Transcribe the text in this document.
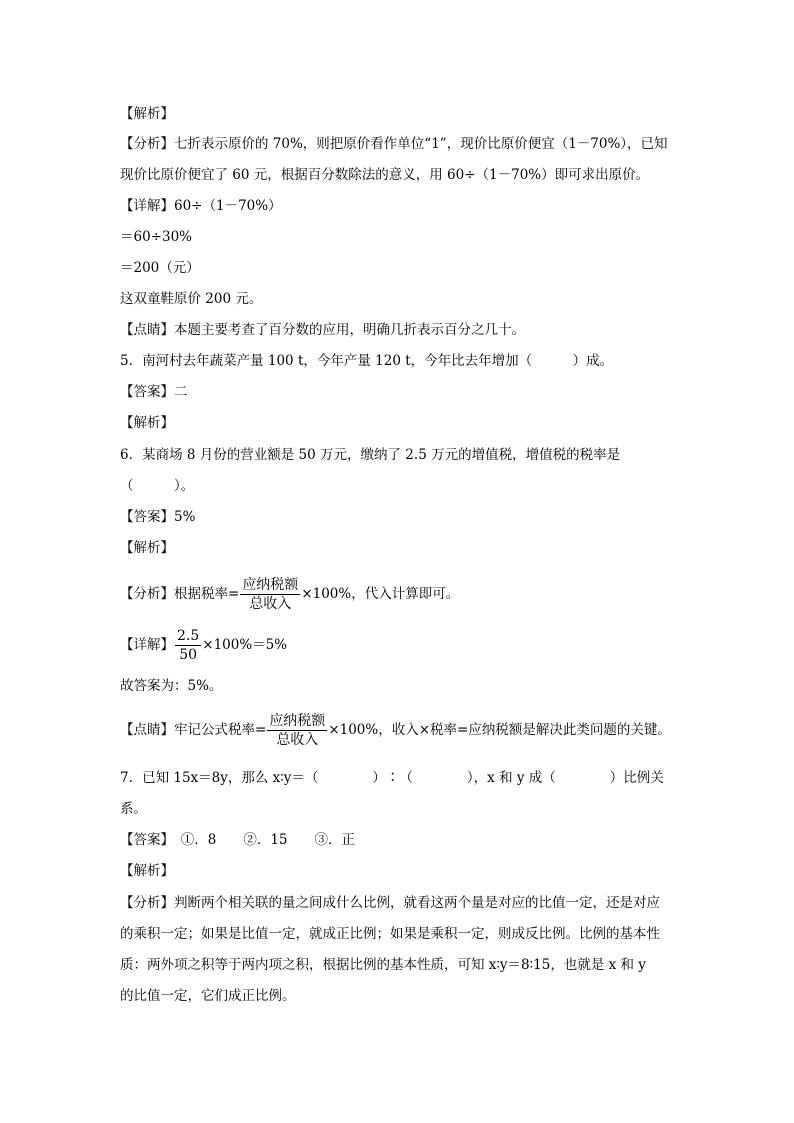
【解析】
【分析】七折表示原价的 70%，则把原价看作单位“1”，现价比原价便宜（1－70%），已知
现价比原价便宜了 60 元，根据百分数除法的意义，用 60÷（1－70%）即可求出原价。
【详解】60÷（1－70%）
＝60÷30%
＝200（元）
这双童鞋原价 200 元。
【点睛】本题主要考查了百分数的应用，明确几折表示百分之几十。
5．南河村去年蔬菜产量 100 t，今年产量 120 t，今年比去年增加（　　　）成。
【答案】二
【解析】
6．某商场 8 月份的营业额是 50 万元，缴纳了 2.5 万元的增值税，增值税的税率是
（　　　）。
【答案】5%
【解析】
【分析】根据税率= $\frac{\text{应纳税额}}{\text{总收入}} \times 100\%$，代入计算即可。
【详解】 $\frac{2.5}{50} \times 100\%=5\%$
故答案为：5%。
【点睛】牢记公式税率= $\frac{\text{应纳税额}}{\text{总收入}} \times 100\%$，收入×税率=应纳税额是解决此类问题的关键。
7．已知 15x＝8y，那么 x∶y＝（　　　　）∶（　　　　），x 和 y 成（　　　　）比例关
系。
【答案】　①．8　　②．15　　③．正
【解析】
【分析】判断两个相关联的量之间成什么比例，就看这两个量是对应的比值一定，还是对应
的乘积一定；如果是比值一定，就成正比例；如果是乘积一定，则成反比例。比例的基本性
质：两外项之积等于两内项之积，根据比例的基本性质，可知 x∶y＝8∶15，也就是 x 和 y
的比值一定，它们成正比例。
